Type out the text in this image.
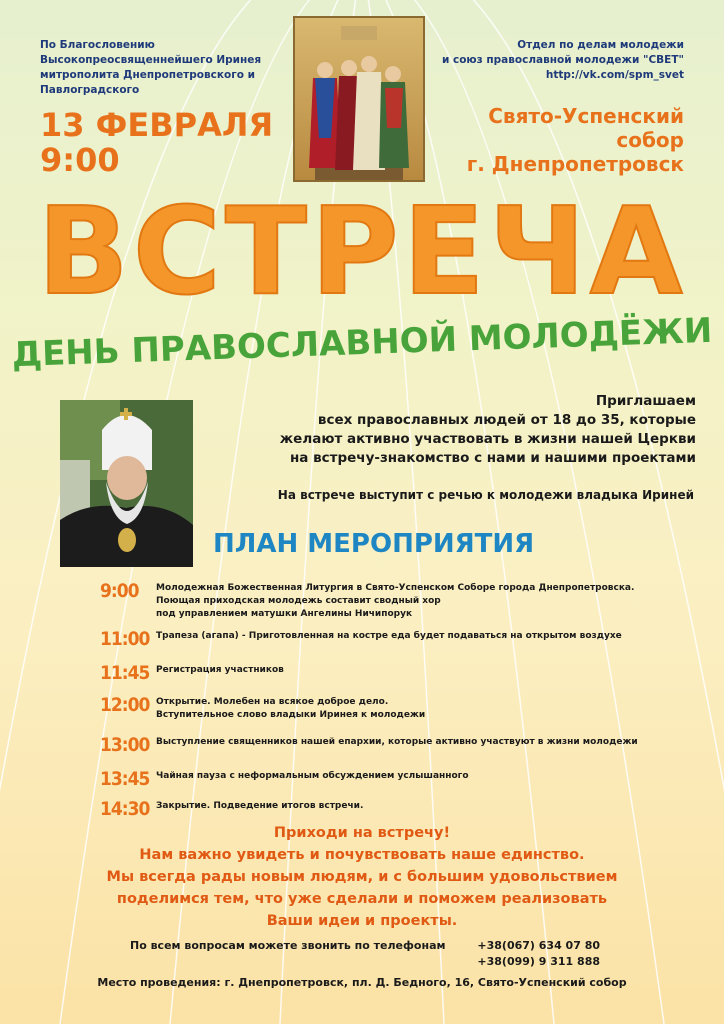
По Благословению
Высокопреосвященнейшего Иринея
митрополита Днепропетровского и
Павлоградского
Отдел по делам молодежи
и союз православной молодежи "СВЕТ"
http://vk.com/spm_svet
13 ФЕВРАЛЯ
9:00
Свято-Успенский
собор
г. Днепропетровск
ВСТРЕЧА
ДЕНЬ ПРАВОСЛАВНОЙ МОЛОДЁЖИ
Приглашаем
всех православных людей от 18 до 35, которые
желают активно участвовать в жизни нашей Церкви
на встречу-знакомство с нами и нашими проектами
На встрече выступит с речью к молодежи владыка Ириней
ПЛАН МЕРОПРИЯТИЯ
9:00	Молодежная Божественная Литургия в Свято-Успенском Соборе города Днепропетровска.
Поющая приходская молодежь составит сводный хор
под управлением матушки Ангелины Ничипорук
11:00 Трапеза (агапа) - Приготовленная на костре еда будет подаваться на открытом воздухе
11:45 Регистрация участников
12:00 Открытие. Молебен на всякое доброе дело.
Вступительное слово владыки Иринея к молодежи
13:00 Выступление священников нашей епархии, которые активно участвуют в жизни молодежи
13:45 Чайная пауза с неформальным обсуждением услышанного
14:30 Закрытие. Подведение итогов встречи.
Приходи на встречу!
Нам важно увидеть и почувствовать наше единство.
Мы всегда рады новым людям, и с большим удовольствием
поделимся тем, что уже сделали и поможем реализовать
Ваши идеи и проекты.
По всем вопросам можете звонить по телефонам	+38(067) 634 07 80
+38(099) 9 311 888
Место проведения: г. Днепропетровск, пл. Д. Бедного, 16, Свято-Успенский собор
